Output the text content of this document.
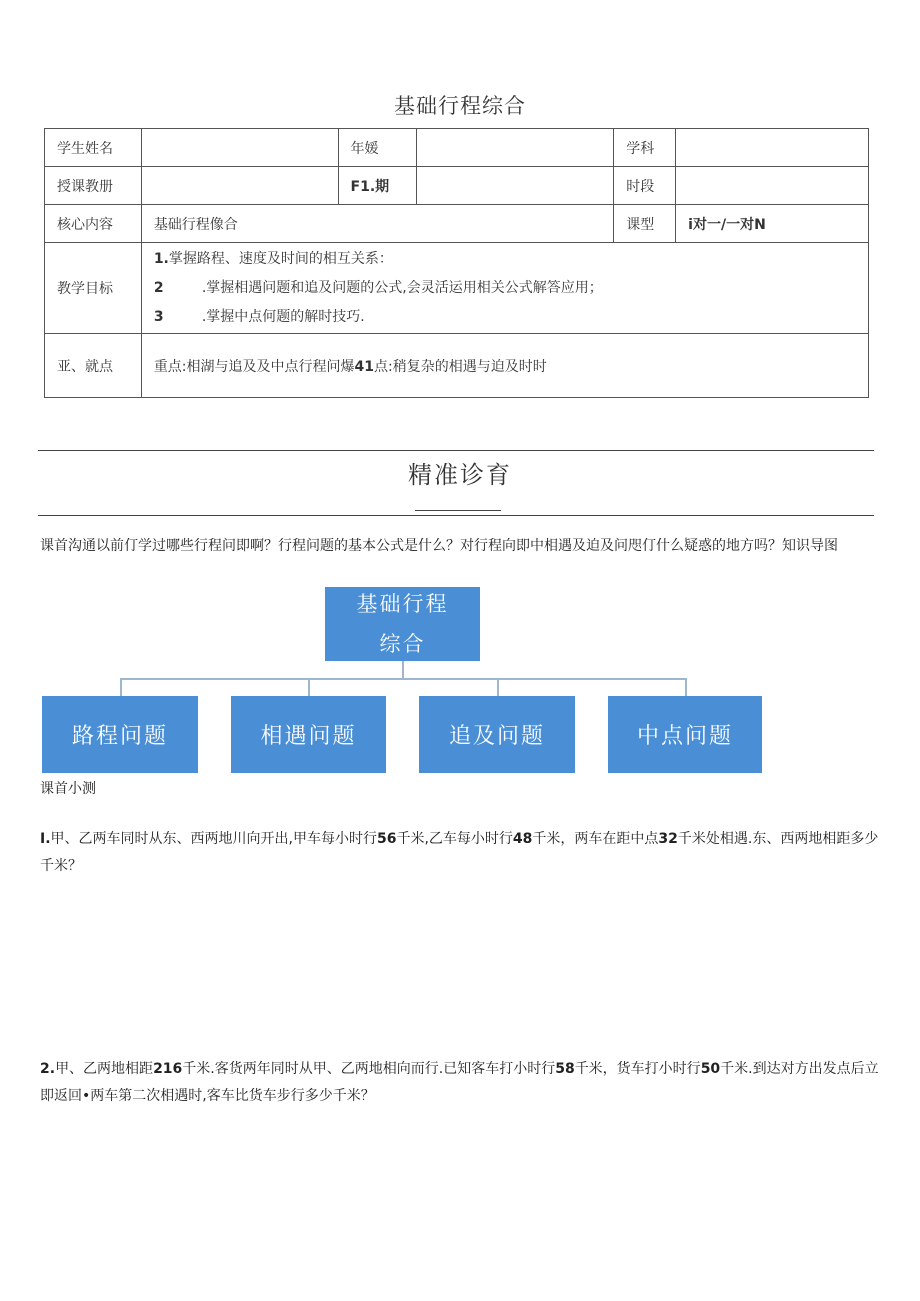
基础行程综合
学生姓名		年媛		学科	
授课教册		F1.期		时段	
核心内容	基础行程像合			课型	i对一/一对N
教学目标	1.掌握路程、速度及时间的相互关系：
2 .掌握相遇问题和追及问题的公式,会灵活运用相关公式解答应用；
3 .掌握中点何题的解时技巧.				

亚、就点	重点:相湖与追及及中点行程问爆41点:稍复杂的相遇与迫及时时				
精准诊育
课首沟通以前仃学过哪些行程问即啊？行程问题的基本公式是什么？对行程向即中相遇及迫及问咫仃什么疑惑的地方吗？知识导图
基础行程
综合
路程问题	相遇问题	追及问题	中点问题
课首小测
I.甲、乙两车同时从东、西两地川向开出,甲车每小时行56千米,乙车每小时行48千米，两车在距中点32千米处相遇.东、西两地相距多少千米？
2.甲、乙两地相距216千米.客货两年同时从甲、乙两地相向而行.已知客车打小时行58千米，货车打小时行50千米.到达对方出发点后立即返回•两车第二次相遇时,客车比货车步行多少千米？
